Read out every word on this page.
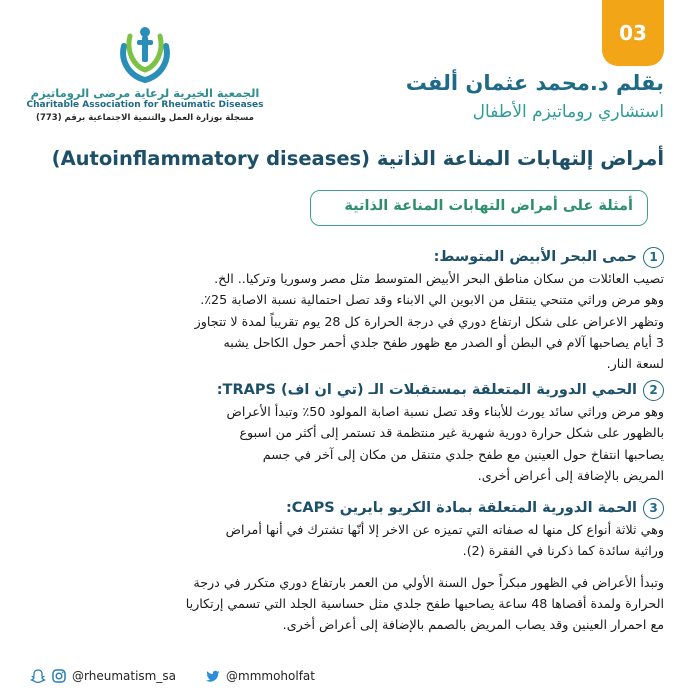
03
الجمعية الخيرية لرعاية مرضى الروماتيزم
Charitable Association for Rheumatic Diseases
مسجلة بوزارة العمل والتنمية الاجتماعية برقم (773)
بقلم د.محمد عثمان ألفت
استشاري روماتيزم الأطفال
أمراض إلتهابات المناعة الذاتية (Autoinflammatory diseases)
أمثلة على أمراض التهابات المناعة الذاتية
1
حمى البحر الأبيض المتوسط:
تصيب العائلات من سكان مناطق البحر الأبيض المتوسط مثل مصر وسوريا وتركيا.. الخ.
وهو مرض وراثي متنحي ينتقل من الابوين الي الابناء وقد تصل احتمالية نسبة الاصابة 25٪.
وتظهر الاعراض على شكل ارتفاع دوري في درجة الحرارة كل 28 يوم تقريباً لمدة لا تتجاوز
3 أيام يصاحبها آلام في البطن أو الصدر مع ظهور طفح جلدي أحمر حول الكاحل يشبه
لسعة النار.
2
الحمي الدورية المتعلقة بمستقبلات الـ (تي ان اف) TRAPS:
وهو مرض وراثي سائد يورث للأبناء وقد تصل نسبة اصابة المولود 50٪ وتبدأ الأعراض
بالظهور على شكل حرارة دورية شهرية غير منتظمة قد تستمر إلى أكثر من اسبوع
يصاحبها انتفاخ حول العينين مع طفح جلدي متنقل من مكان إلى آخر في جسم
المريض بالإضافة إلى أعراض أخرى.
3
الحمة الدورية المتعلقة بمادة الكريو بايرين CAPS:
وهي ثلاثة أنواع كل منها له صفاته التي تميزه عن الاخر إلا أنّها تشترك في أنها أمراض
وراثية سائدة كما ذكرنا في الفقرة (2).
وتبدأ الأعراض في الظهور مبكراً حول السنة الأولي من العمر بارتفاع دوري متكرر في درجة
الحرارة ولمدة أقصاها 48 ساعة يصاحبها طفح جلدي مثل حساسية الجلد التي تسمي إرتكاريا
مع احمرار العينين وقد يصاب المريض بالصمم بالإضافة إلى أعراض أخرى.
@rheumatism_sa	@mmmoholfat
